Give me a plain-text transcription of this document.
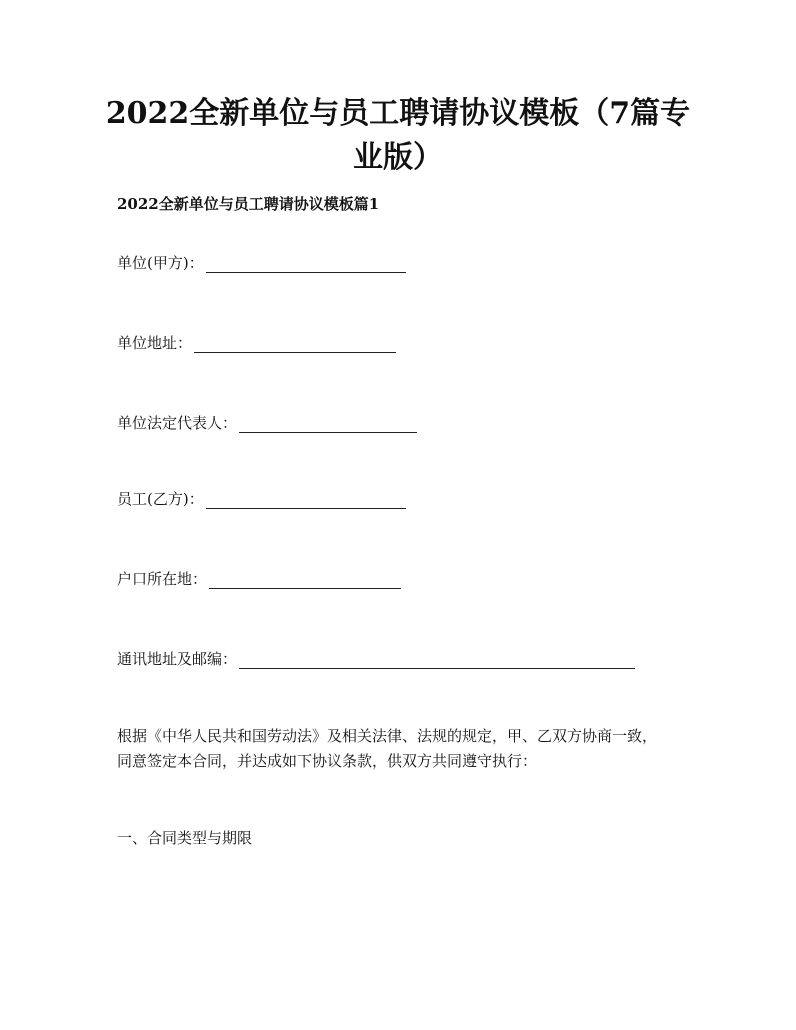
2022全新单位与员工聘请协议模板（7篇专
业版）

2022全新单位与员工聘请协议模板篇1

单位(甲方)：
单位地址：
单位法定代表人：
员工(乙方)：
户口所在地：
通讯地址及邮编：

根据《中华人民共和国劳动法》及相关法律、法规的规定，甲、乙双方协商一致，
同意签定本合同，并达成如下协议条款，供双方共同遵守执行：

一、合同类型与期限
